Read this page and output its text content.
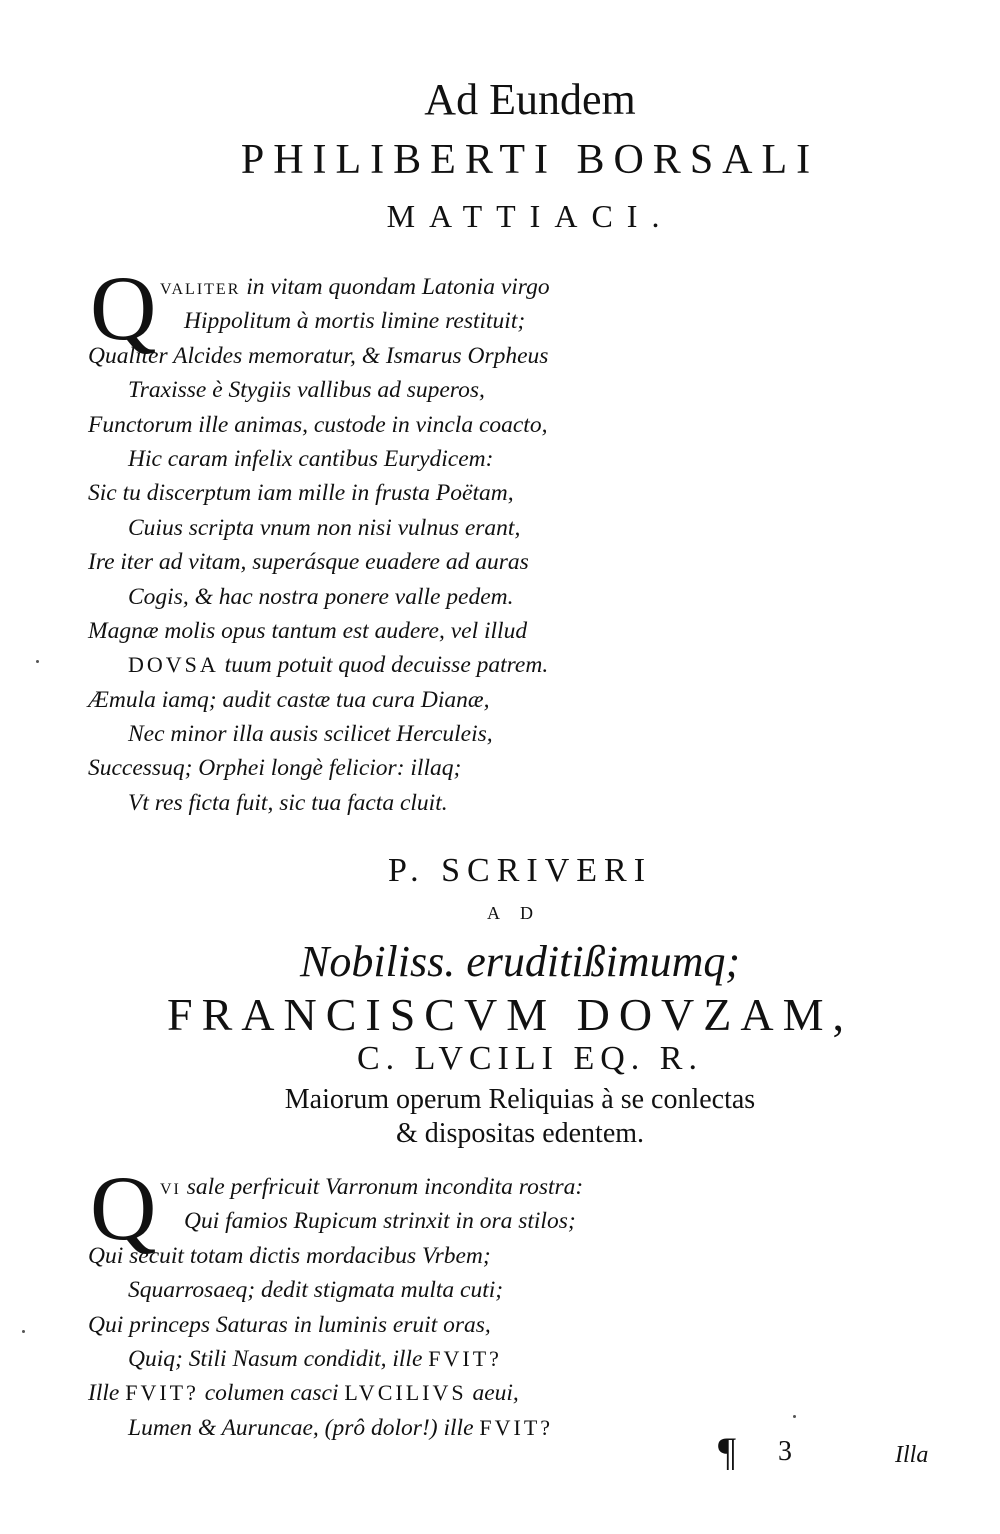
Ad Eundem
PHILIBERTI BORSALI
MATTIACI.
Q VALITER in vitam quondam Latonia virgo
Hippolitum à mortis limine restituit;
Qualiter Alcides memoratur, & Ismarus Orpheus
Traxisse è Stygiis vallibus ad superos,
Functorum ille animas, custode in vincla coacto,
Hic caram infelix cantibus Eurydicem:
Sic tu discerptum iam mille in frusta Poëtam,
Cuius scripta vnum non nisi vulnus erant,
Ire iter ad vitam, superásque euadere ad auras
Cogis, & hac nostra ponere valle pedem.
Magnæ molis opus tantum est audere, vel illud
DOVSA tuum potuit quod decuisse patrem.
Æmula iamq; audit castæ tua cura Dianæ,
Nec minor illa ausis scilicet Herculeis,
Successuq; Orphei longè felicior: illaq;
Vt res ficta fuit, sic tua facta cluit.
P. SCRIVERI
AD
Nobiliss. eruditißimumq;
FRANCISCVM DOVZAM,
C. LVCILI EQ. R.
Maiorum operum Reliquias à se conlectas
& dispositas edentem.
Q VI sale perfricuit Varronum incondita rostra:
Qui famios Rupicum strinxit in ora stilos;
Qui secuit totam dictis mordacibus Vrbem;
Squarrosaeq; dedit stigmata multa cuti;
Qui princeps Saturas in luminis eruit oras,
Quiq; Stili Nasum condidit, ille FVIT?
Ille FVIT? columen casci LVCILIVS aeui,
Lumen & Auruncae, (prô dolor!) ille FVIT?
¶ 3	Illa
